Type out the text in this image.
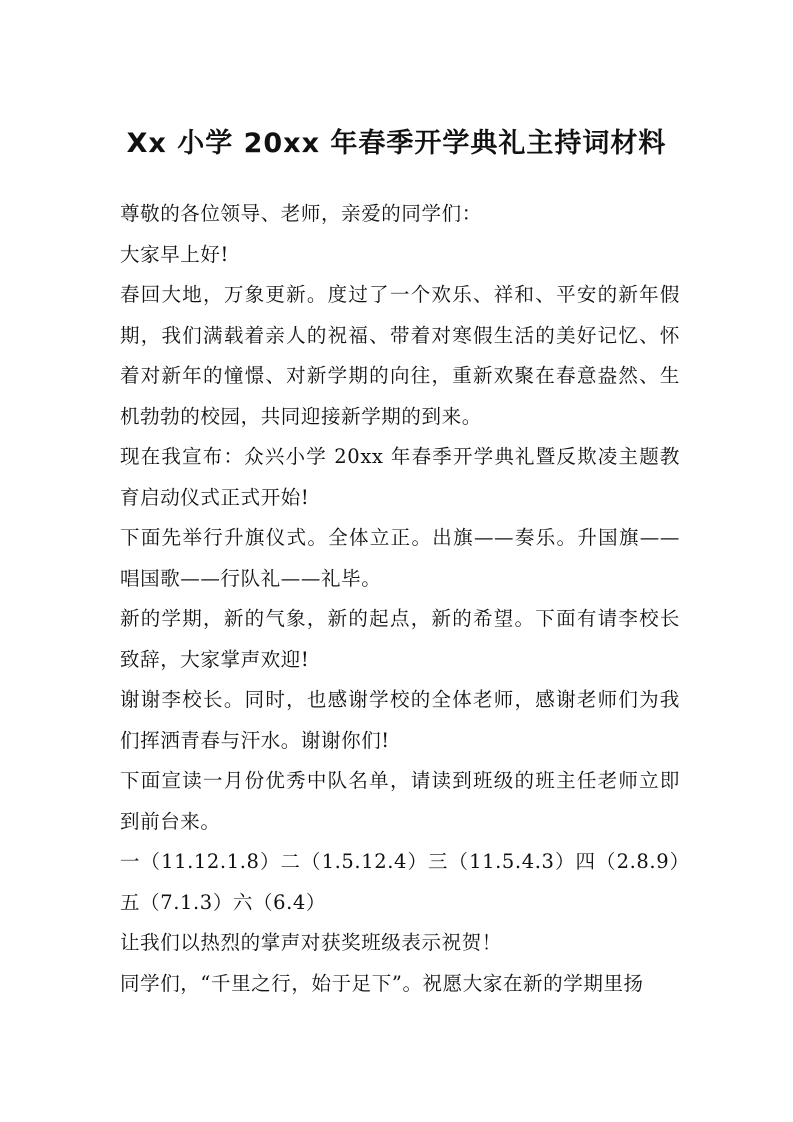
Xx 小学 20xx 年春季开学典礼主持词材料

尊敬的各位领导、老师，亲爱的同学们：

大家早上好!

春回大地，万象更新。度过了一个欢乐、祥和、平安的新年假期，我们满载着亲人的祝福、带着对寒假生活的美好记忆、怀着对新年的憧憬、对新学期的向往，重新欢聚在春意盎然、生机勃勃的校园，共同迎接新学期的到来。

现在我宣布：众兴小学 20xx 年春季开学典礼暨反欺凌主题教育启动仪式正式开始!

下面先举行升旗仪式。全体立正。出旗——奏乐。升国旗——唱国歌——行队礼——礼毕。

新的学期，新的气象，新的起点，新的希望。下面有请李校长致辞，大家掌声欢迎!

谢谢李校长。同时，也感谢学校的全体老师，感谢老师们为我们挥洒青春与汗水。谢谢你们!

下面宣读一月份优秀中队名单，请读到班级的班主任老师立即到前台来。

一（11.12.1.8）二（1.5.12.4）三（11.5.4.3）四（2.8.9）五（7.1.3）六（6.4）

让我们以热烈的掌声对获奖班级表示祝贺！

同学们，“千里之行，始于足下”。祝愿大家在新的学期里扬
